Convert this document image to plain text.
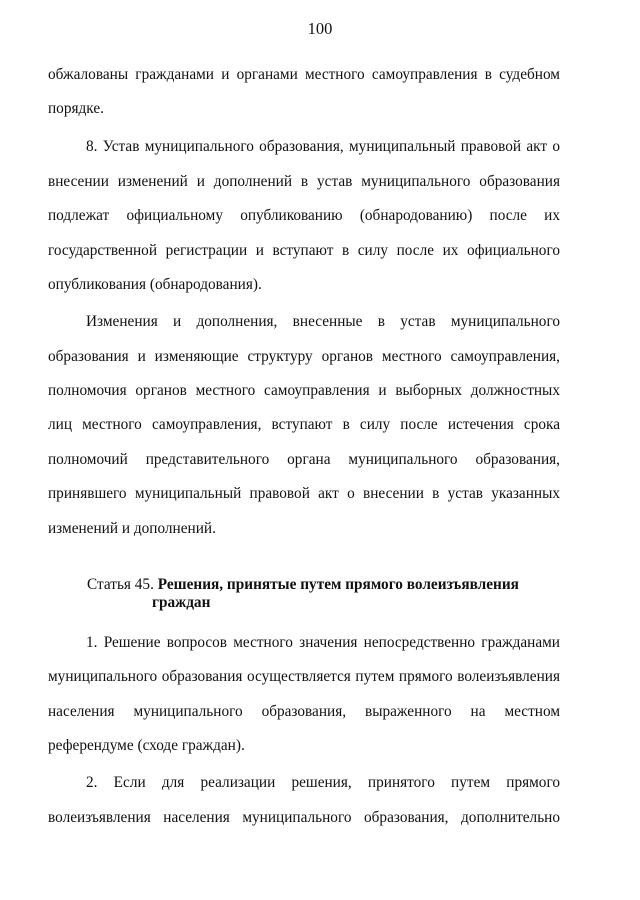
100
обжалованы гражданами и органами местного самоуправления в судебном
порядке.
8. Устав муниципального образования, муниципальный правовой акт о
внесении изменений и дополнений в устав муниципального образования
подлежат официальному опубликованию (обнародованию) после их
государственной регистрации и вступают в силу после их официального
опубликования (обнародования).
Изменения и дополнения, внесенные в устав муниципального
образования и изменяющие структуру органов местного самоуправления,
полномочия органов местного самоуправления и выборных должностных
лиц местного самоуправления, вступают в силу после истечения срока
полномочий представительного органа муниципального образования,
принявшего муниципальный правовой акт о внесении в устав указанных
изменений и дополнений.
Статья 45. Решения, принятые путем прямого волеизъявления
граждан
1. Решение вопросов местного значения непосредственно гражданами
муниципального образования осуществляется путем прямого волеизъявления
населения муниципального образования, выраженного на местном
референдуме (сходе граждан).
2. Если для реализации решения, принятого путем прямого
волеизъявления населения муниципального образования, дополнительно
